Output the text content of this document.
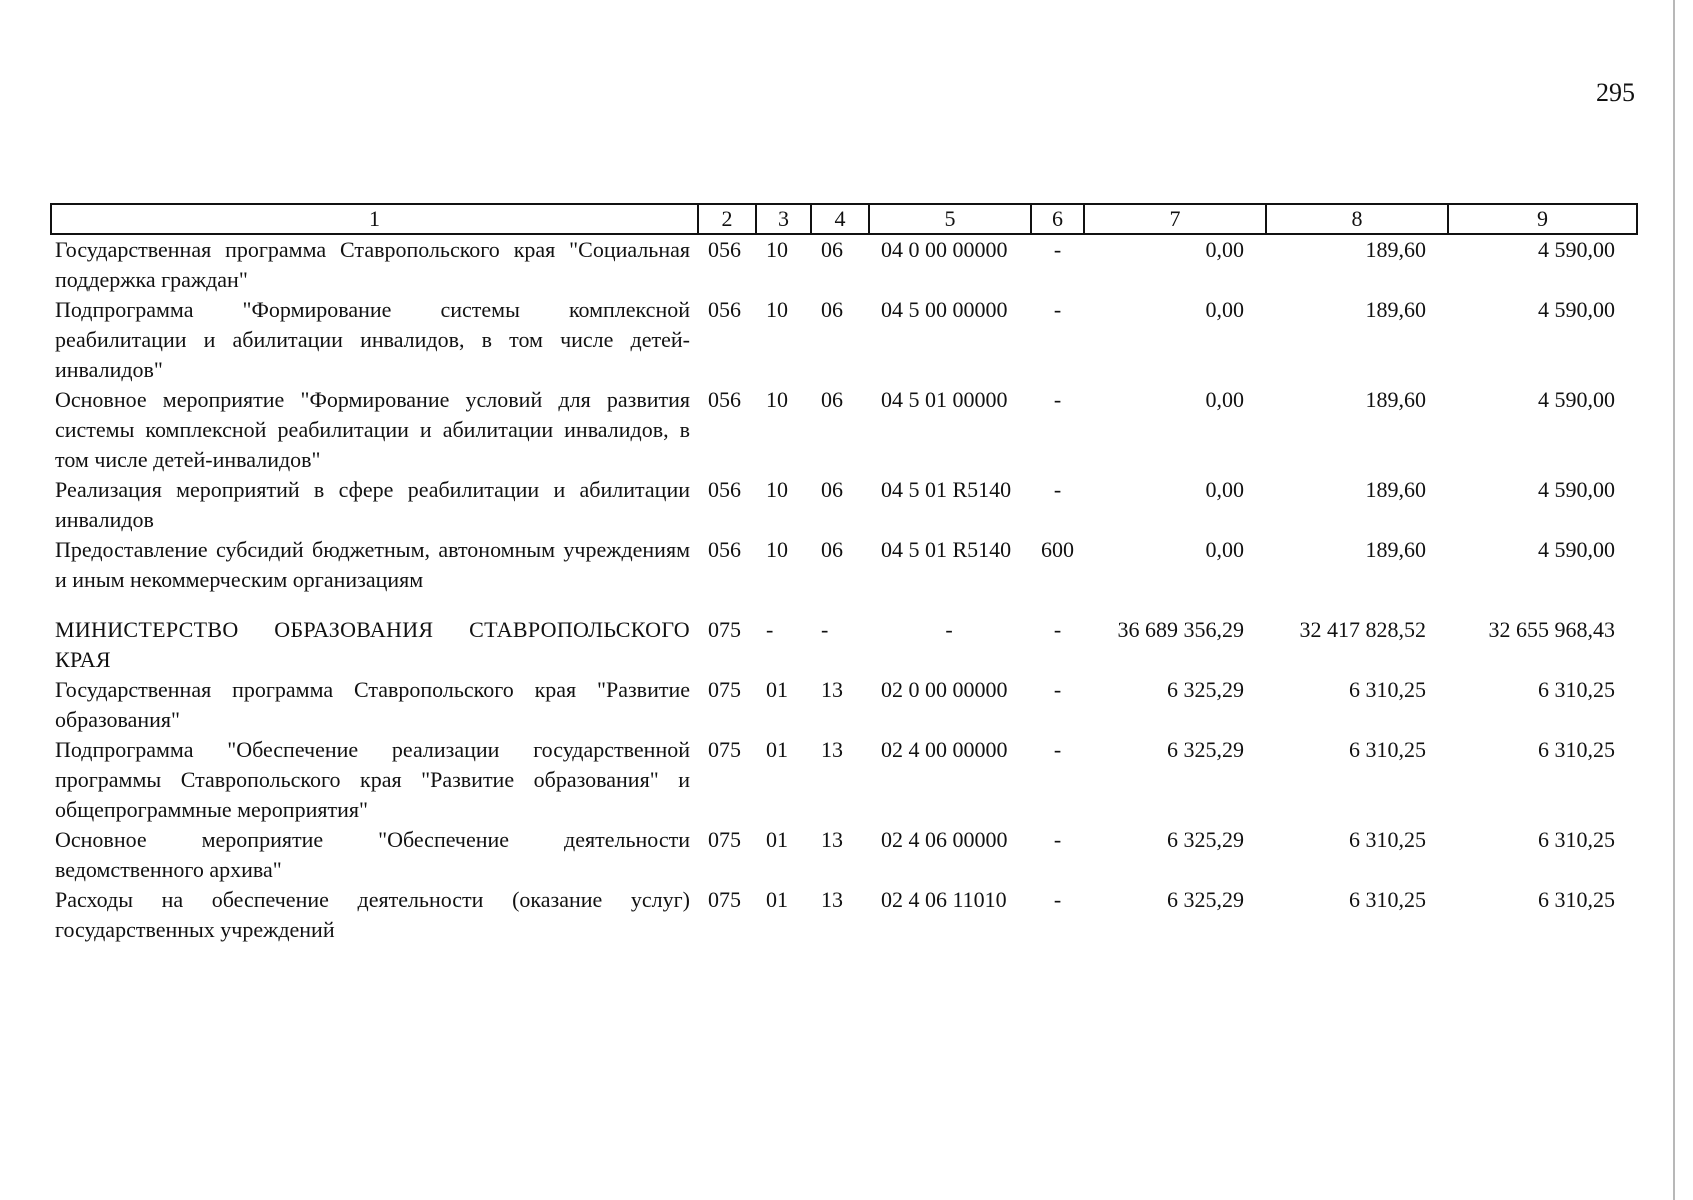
295
1	2	3	4	5	6	7	8	9
Государственная программа Ставропольского края "Социальная поддержка граждан"	056	10	06	04 0 00 00000	-	0,00	189,60	4 590,00
Подпрограмма "Формирование системы комплексной реабилитации и абилитации инвалидов, в том числе детей-инвалидов"	056	10	06	04 5 00 00000	-	0,00	189,60	4 590,00
Основное мероприятие "Формирование условий для развития системы комплексной реабилитации и абилитации инвалидов, в том числе детей-инвалидов"	056	10	06	04 5 01 00000	-	0,00	189,60	4 590,00
Реализация мероприятий в сфере реабилитации и абилитации инвалидов	056	10	06	04 5 01 R5140	-	0,00	189,60	4 590,00
Предоставление субсидий бюджетным, автономным учреждениям и иным некоммерческим организациям	056	10	06	04 5 01 R5140	600	0,00	189,60	4 590,00

МИНИСТЕРСТВО ОБРАЗОВАНИЯ СТАВРОПОЛЬСКОГО КРАЯ	075	-	-	-	-	36 689 356,29	32 417 828,52	32 655 968,43
Государственная программа Ставропольского края "Развитие образования"	075	01	13	02 0 00 00000	-	6 325,29	6 310,25	6 310,25
Подпрограмма "Обеспечение реализации государственной программы Ставропольского края "Развитие образования" и общепрограммные мероприятия"	075	01	13	02 4 00 00000	-	6 325,29	6 310,25	6 310,25
Основное мероприятие "Обеспечение деятельности ведомственного архива"	075	01	13	02 4 06 00000	-	6 325,29	6 310,25	6 310,25
Расходы на обеспечение деятельности (оказание услуг) государственных учреждений	075	01	13	02 4 06 11010	-	6 325,29	6 310,25	6 310,25
